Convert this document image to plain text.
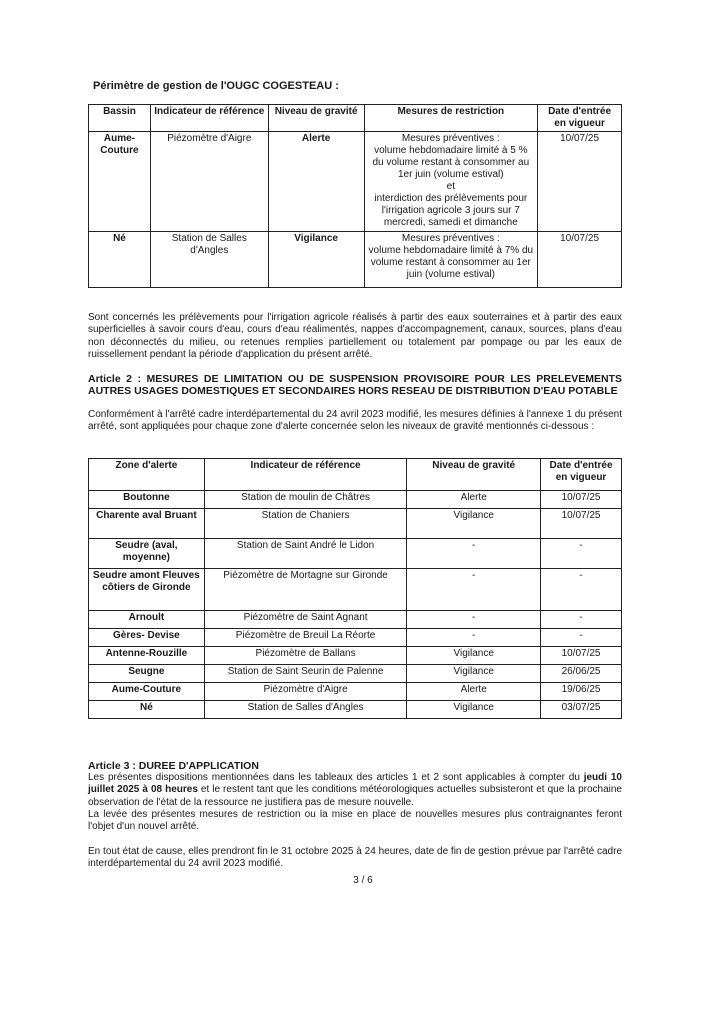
Périmètre de gestion de l'OUGC COGESTEAU :
Bassin	Indicateur de référence	Niveau de gravité	Mesures de restriction	Date d'entrée en vigueur
Aume-Couture	Piézomètre d'Aigre	Alerte	Mesures préventives :

volume hebdomadaire limité à 5 % du volume restant à consommer au 1er juin (volume estival)

et

interdiction des prélèvements pour l'irrigation agricole 3 jours sur 7 mercredi, samedi et dimanche	10/07/25
Né	Station de Salles d'Angles	Vigilance	Mesures préventives :

volume hebdomadaire limité à 7% du volume restant à consommer au 1er juin (volume estival)	10/07/25
Sont concernés les prélèvements pour l'irrigation agricole réalisés à partir des eaux souterraines et à partir des eaux superficielles à savoir cours d'eau, cours d'eau réalimentés, nappes d'accompagnement, canaux, sources, plans d'eau non déconnectés du milieu, ou retenues remplies partiellement ou totalement par pompage ou par les eaux de ruissellement pendant la période d'application du présent arrêté.
Article 2 : MESURES DE LIMITATION OU DE SUSPENSION PROVISOIRE POUR LES PRELEVEMENTS AUTRES USAGES DOMESTIQUES ET SECONDAIRES HORS RESEAU DE DISTRIBUTION D'EAU POTABLE
Conformément à l'arrêté cadre interdépartemental du 24 avril 2023 modifié, les mesures définies à l'annexe 1 du présent arrêté, sont appliquées pour chaque zone d'alerte concernée selon les niveaux de gravité mentionnés ci-dessous :
Zone d'alerte	Indicateur de référence	Niveau de gravité	Date d'entrée en vigueur
Boutonne	Station de moulin de Châtres	Alerte	10/07/25
Charente aval Bruant	Station de Chaniers	Vigilance	10/07/25
Seudre (aval, moyenne)	Station de Saint André le Lidon	-	-
Seudre amont Fleuves côtiers de Gironde	Piézomètre de Mortagne sur Gironde	-	-
Arnoult	Piézomètre de Saint Agnant	-	-
Gères- Devise	Piézomètre de Breuil La Réorte	-	-
Antenne-Rouzille	Piézomètre de Ballans	Vigilance	10/07/25
Seugne	Station de Saint Seurin de Palenne	Vigilance	26/06/25
Aume-Couture	Piézomètre d'Aigre	Alerte	19/06/25
Né	Station de Salles d'Angles	Vigilance	03/07/25
Article 3 : DUREE D'APPLICATION
Les présentes dispositions mentionnées dans les tableaux des articles 1 et 2 sont applicables à compter du jeudi 10 juillet 2025 à 08 heures et le restent tant que les conditions météorologiques actuelles subsisteront et que la prochaine observation de l'état de la ressource ne justifiera pas de mesure nouvelle.
La levée des présentes mesures de restriction ou la mise en place de nouvelles mesures plus contraignantes feront l'objet d'un nouvel arrêté.
En tout état de cause, elles prendront fin le 31 octobre 2025 à 24 heures, date de fin de gestion prévue par l'arrêté cadre interdépartemental du 24 avril 2023 modifié.
3 / 6
